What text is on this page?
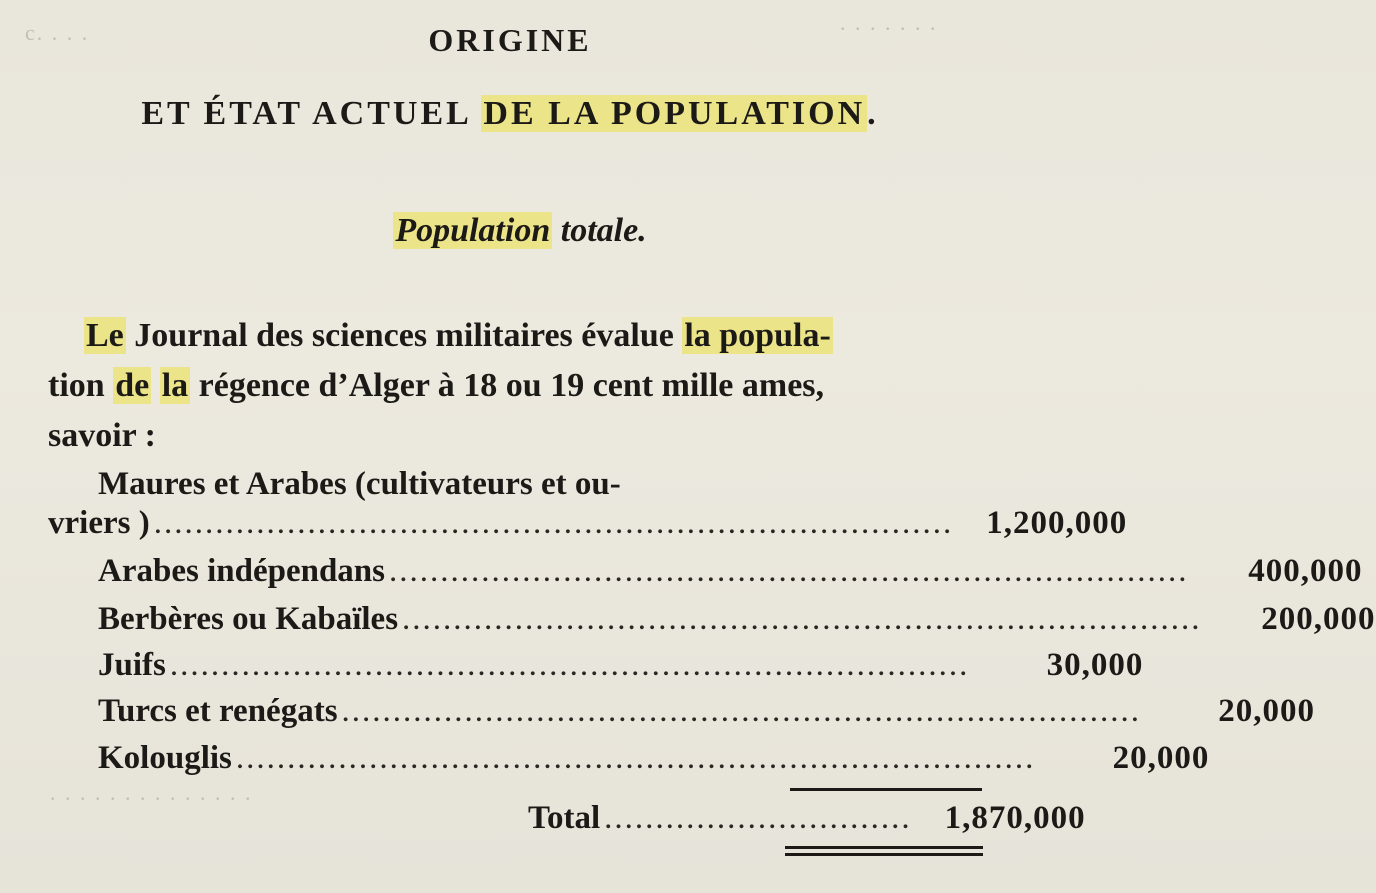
c. . . .	. . . . . . .
. . . . . . . . . . . . . .
ORIGINE
ET ÉTAT ACTUEL DE LA POPULATION.
Population totale.
Le Journal des sciences militaires évalue la popula-
tion de la régence d’Alger à 18 ou 19 cent mille ames,
savoir :
Maures et Arabes (cultivateurs et ou-
vriers ) ..............................................................................	1,200,000
Arabes indépendans ..............................................................................	400,000
Berbères ou Kabaïles ..............................................................................	200,000
Juifs ..............................................................................	30,000
Turcs et renégats ..............................................................................	20,000
Kolouglis ..............................................................................	20,000
Total ..............................	1,870,000
